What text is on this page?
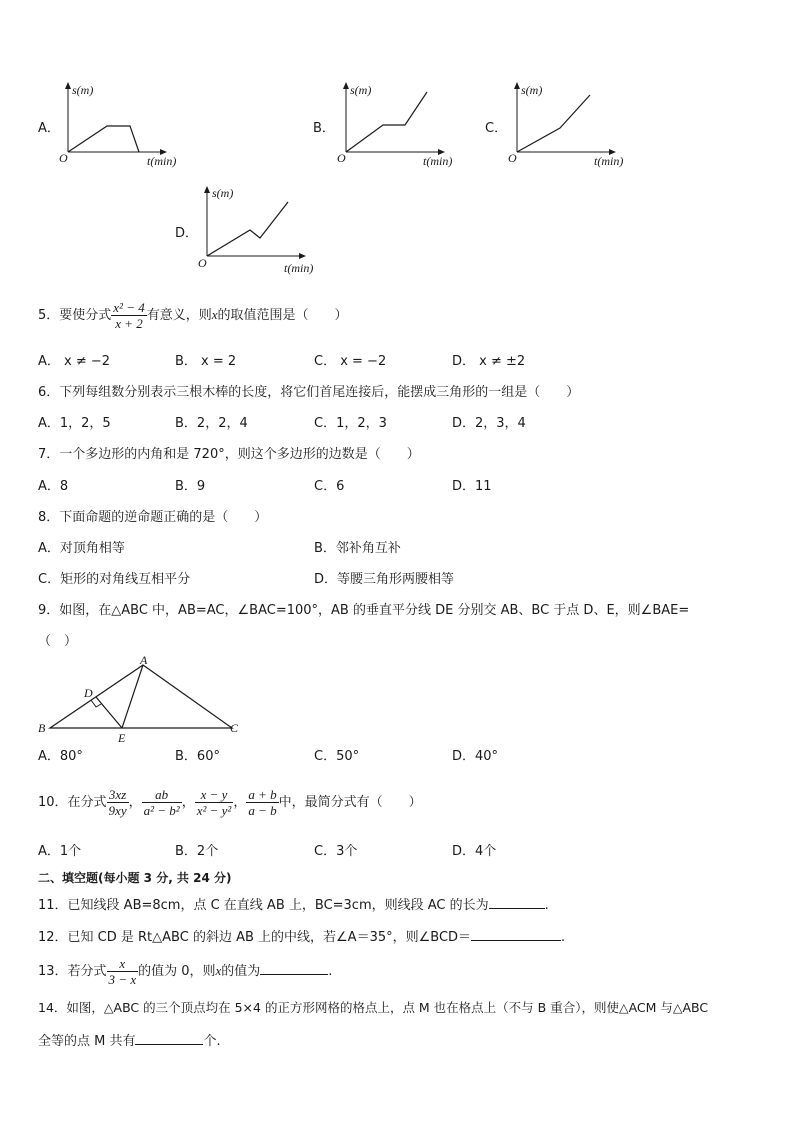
A．
s(m)
t(min)
O
B．
s(m)
t(min)
O
C．
s(m)
t(min)
O
D．
s(m)
t(min)
O
5．要使分式 $\frac{\text{x² − 4}}{x + 2}$ 有意义，则x的取值范围是（　　）
A． x ≠ −2	B． x = 2	C． x = −2	D． x ≠ ±2
6．下列每组数分别表示三根木棒的长度，将它们首尾连接后，能摆成三角形的一组是（　　）
A．1，2，5	B．2，2，4	C．1，2，3	D．2，3，4
7．一个多边形的内角和是 720°，则这个多边形的边数是（　　）
A．8	B．9	C．6	D．11
8．下面命题的逆命题正确的是（　　）
A．对顶角相等	B．邻补角互补
C．矩形的对角线互相平分	D．等腰三角形两腰相等
9．如图，在△ABC 中，AB=AC，∠BAC=100°，AB 的垂直平分线 DE 分别交 AB、BC 于点 D、E，则∠BAE=
（　）
A
B	C
D
E
A．80°	B．60°	C．50°	D．40°
10．在分式 $\frac{3xz}{9xy}$ ， $\frac{ab}{\text{a² − b²}}$ ， $\frac{x - y}{\text{x² − y²}}$ ， $\frac{a + b}{a - b}$ 中，最简分式有（　　）
A．1个	B．2个	C．3个	D．4个
二、填空题(每小题 3 分, 共 24 分)
11．已知线段 AB=8cm，点 C 在直线 AB 上，BC=3cm，则线段 AC 的长为	.
12．已知 CD 是 Rt△ABC 的斜边 AB 上的中线，若∠A＝35°，则∠BCD＝	.
13．若分式 $\frac{x}{3 - x}$ 的值为 0，则x的值为	.
14．如图，△ABC 的三个顶点均在 5×4 的正方形网格的格点上，点 M 也在格点上（不与 B 重合），则使△ACM 与△ABC
全等的点 M 共有	个.
